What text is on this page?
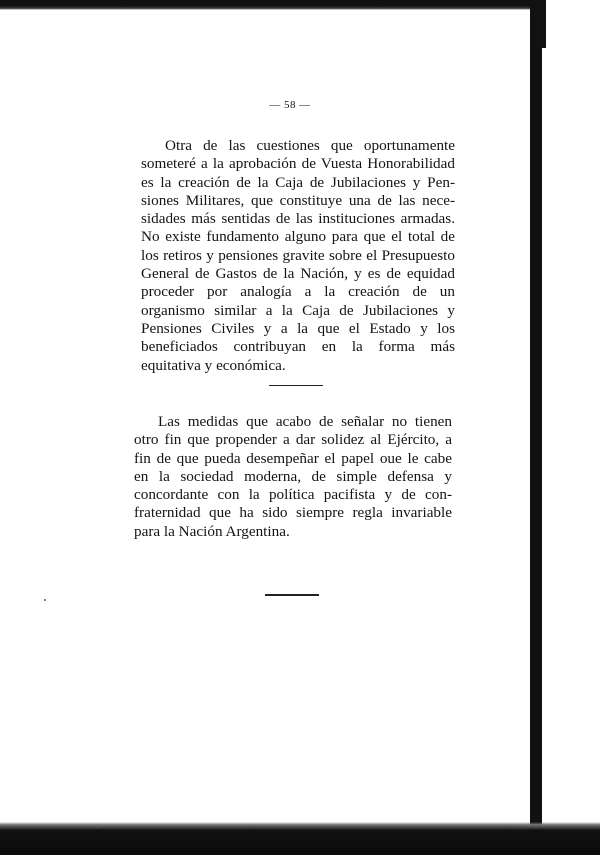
— 58 —

Otra de las cuestiones que oportunamente someteré a la aprobación de Vuesta Honorabilidad es la creación de la Caja de Jubilaciones y Pensiones Militares, que constituye una de las necesidades más sentidas de las instituciones armadas. No existe fundamento alguno para que el total de los retiros y pensiones gravite sobre el Presupuesto General de Gastos de la Nación, y es de equidad proceder por analogía a la creación de un organismo similar a la Caja de Jubilaciones y Pensiones Civiles y a la que el Estado y los beneficiados contribuyan en la forma más equitativa y económica.

Las medidas que acabo de señalar no tienen otro fin que propender a dar solidez al Ejército, a fin de que pueda desempeñar el papel oue le cabe en la sociedad moderna, de simple defensa y concordante con la política pacifista y de confraternidad que ha sido siempre regla invariable para la Nación Argentina.
